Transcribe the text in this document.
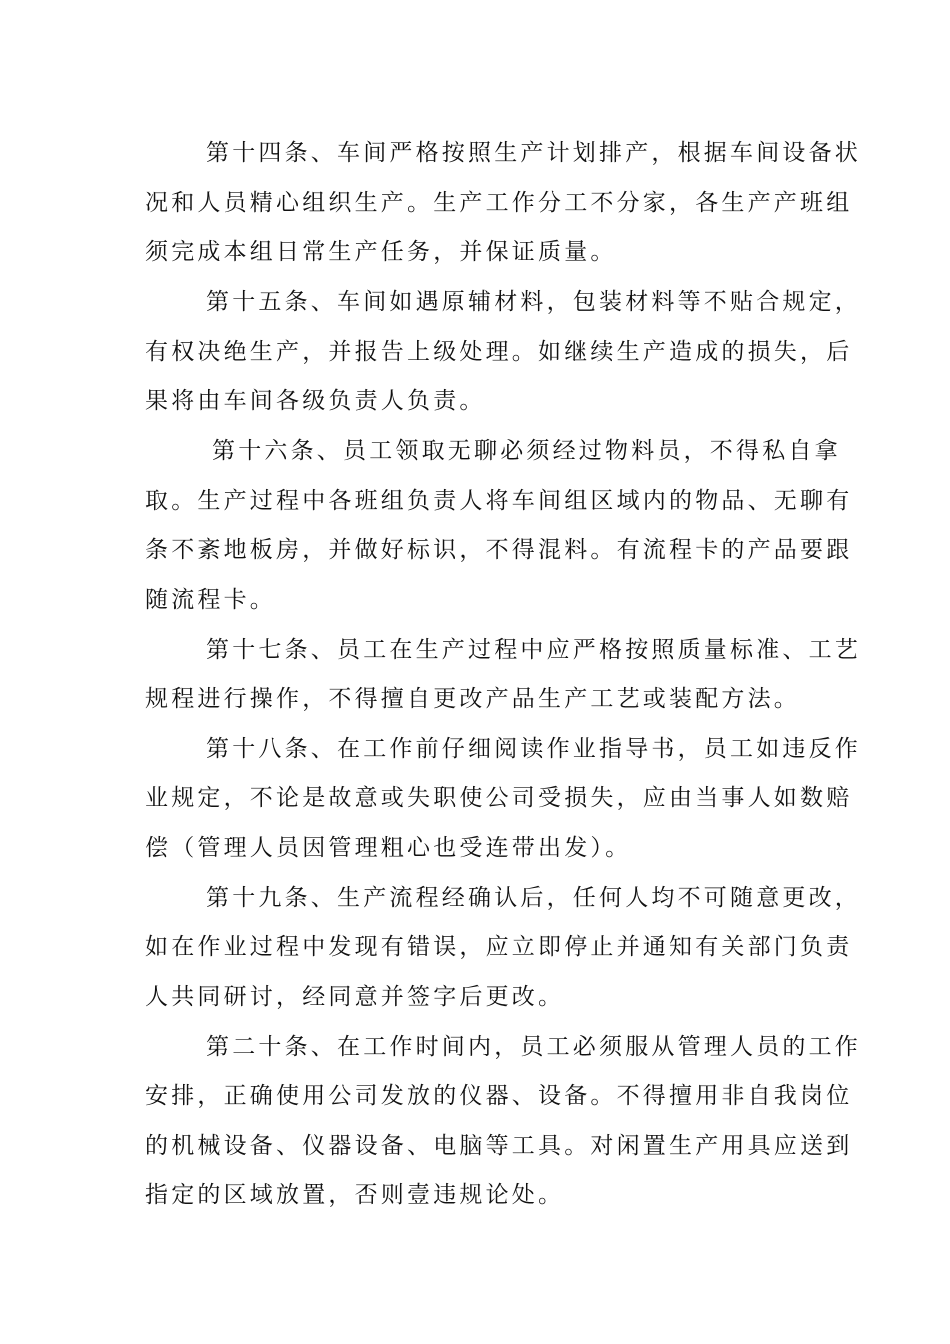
第十四条、车间严格按照生产计划排产，根据车间设备状
况和人员精心组织生产。生产工作分工不分家，各生产产班组
须完成本组日常生产任务，并保证质量。
第十五条、车间如遇原辅材料，包装材料等不贴合规定，
有权决绝生产，并报告上级处理。如继续生产造成的损失，后
果将由车间各级负责人负责。
第十六条、员工领取无聊必须经过物料员，不得私自拿
取。生产过程中各班组负责人将车间组区域内的物品、无聊有
条不紊地板房，并做好标识，不得混料。有流程卡的产品要跟
随流程卡。
第十七条、员工在生产过程中应严格按照质量标准、工艺
规程进行操作，不得擅自更改产品生产工艺或装配方法。
第十八条、在工作前仔细阅读作业指导书，员工如违反作
业规定，不论是故意或失职使公司受损失，应由当事人如数赔
偿（管理人员因管理粗心也受连带出发）。
第十九条、生产流程经确认后，任何人均不可随意更改，
如在作业过程中发现有错误，应立即停止并通知有关部门负责
人共同研讨，经同意并签字后更改。
第二十条、在工作时间内，员工必须服从管理人员的工作
安排，正确使用公司发放的仪器、设备。不得擅用非自我岗位
的机械设备、仪器设备、电脑等工具。对闲置生产用具应送到
指定的区域放置，否则壹违规论处。
